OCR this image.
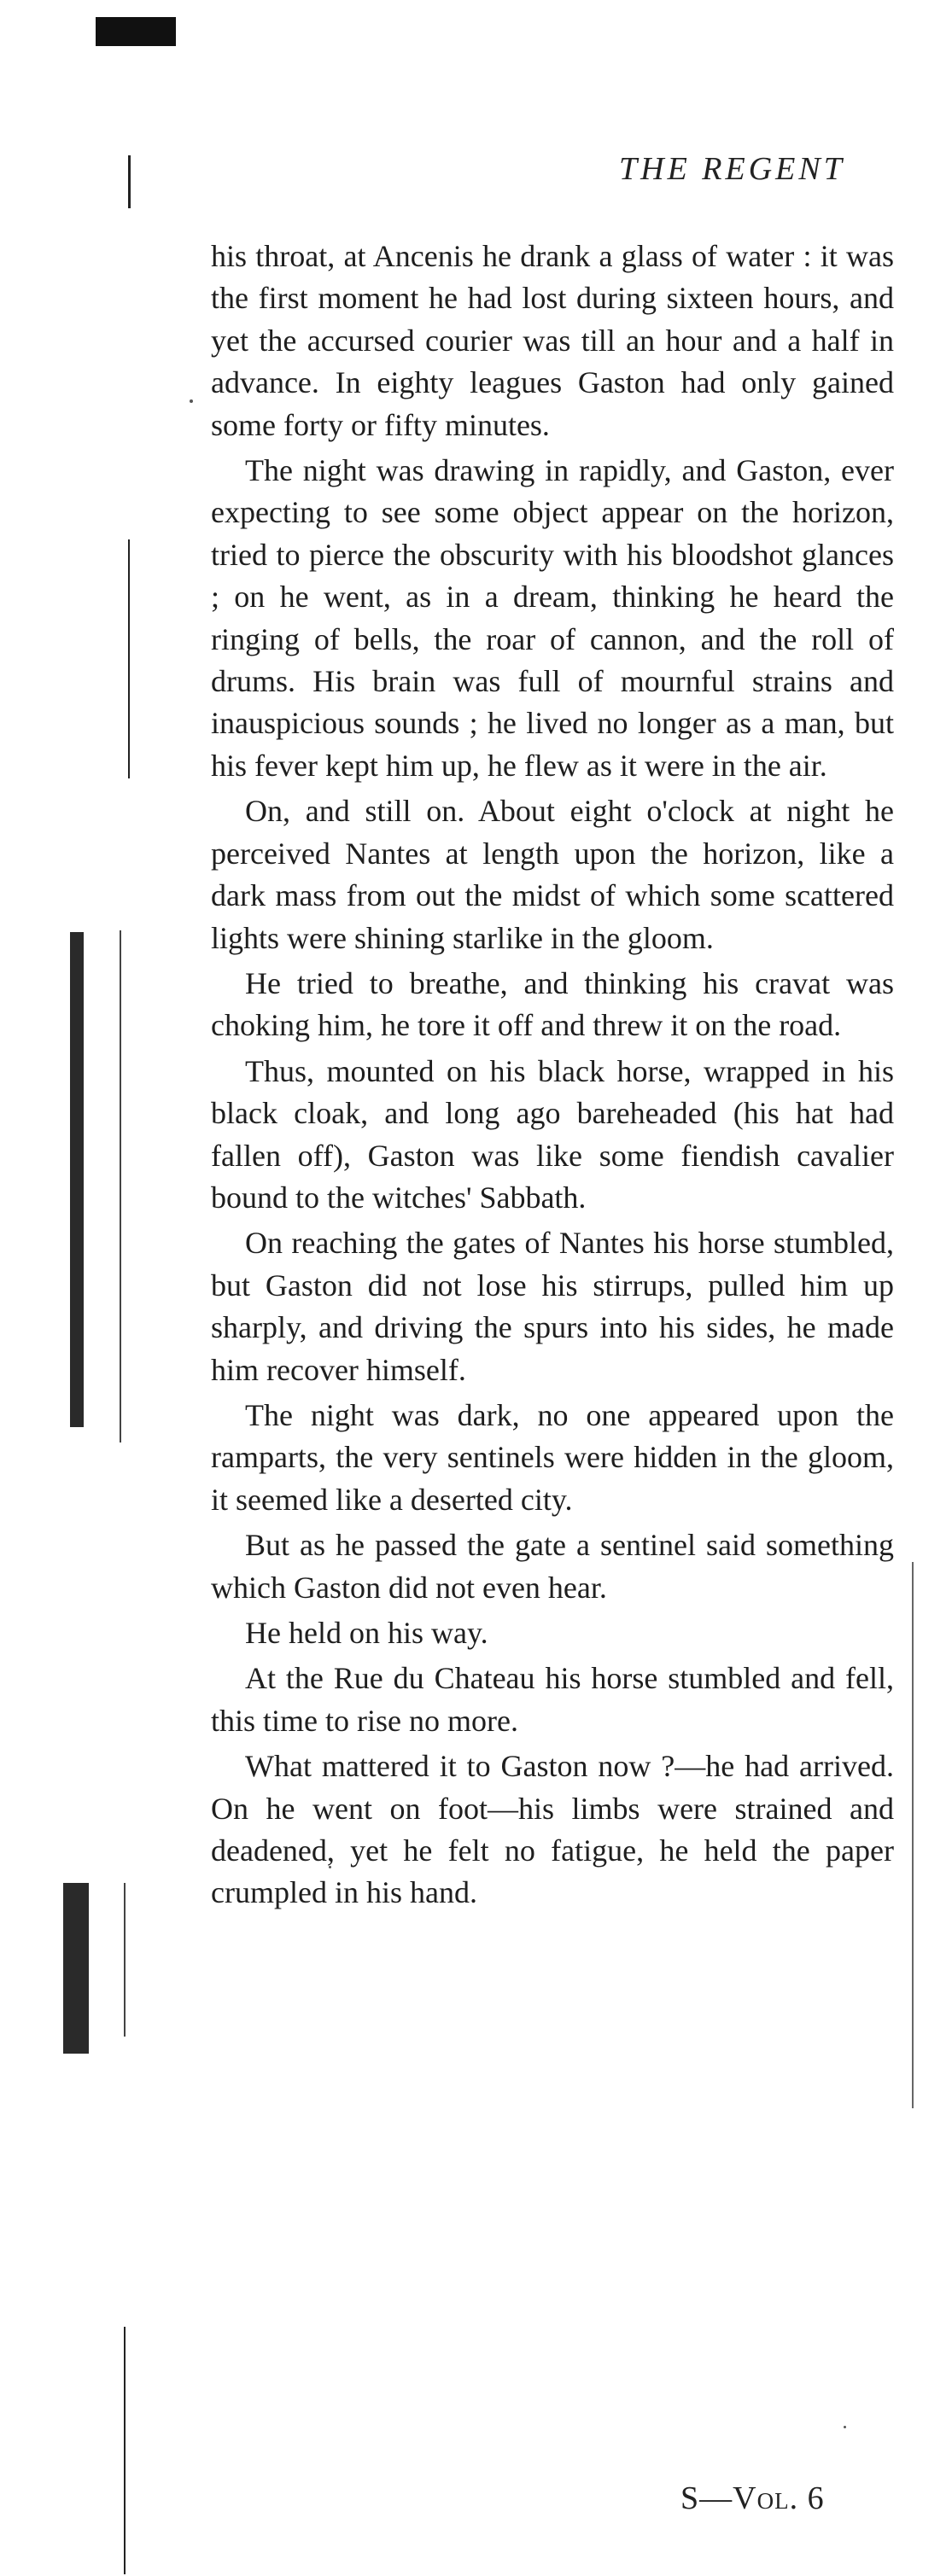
THE REGENT

his throat, at Ancenis he drank a glass of water : it was the first moment he had lost during sixteen hours, and yet the accursed courier was till an hour and a half in advance. In eighty leagues Gaston had only gained some forty or fifty minutes.

The night was drawing in rapidly, and Gaston, ever expecting to see some object appear on the horizon, tried to pierce the obscurity with his bloodshot glances ; on he went, as in a dream, thinking he heard the ringing of bells, the roar of cannon, and the roll of drums. His brain was full of mournful strains and inauspicious sounds ; he lived no longer as a man, but his fever kept him up, he flew as it were in the air.

On, and still on. About eight o'clock at night he perceived Nantes at length upon the horizon, like a dark mass from out the midst of which some scattered lights were shining starlike in the gloom.

He tried to breathe, and thinking his cravat was choking him, he tore it off and threw it on the road.

Thus, mounted on his black horse, wrapped in his black cloak, and long ago bareheaded (his hat had fallen off), Gaston was like some fiendish cavalier bound to the witches' Sabbath.

On reaching the gates of Nantes his horse stumbled, but Gaston did not lose his stirrups, pulled him up sharply, and driving the spurs into his sides, he made him recover himself.

The night was dark, no one appeared upon the ramparts, the very sentinels were hidden in the gloom, it seemed like a deserted city.

But as he passed the gate a sentinel said something which Gaston did not even hear.

He held on his way.

At the Rue du Chateau his horse stumbled and fell, this time to rise no more.

What mattered it to Gaston now ?—he had arrived. On he went on foot—his limbs were strained and deadened, yet he felt no fatigue, he held the paper crumpled in his hand.

S—Vol. 6
